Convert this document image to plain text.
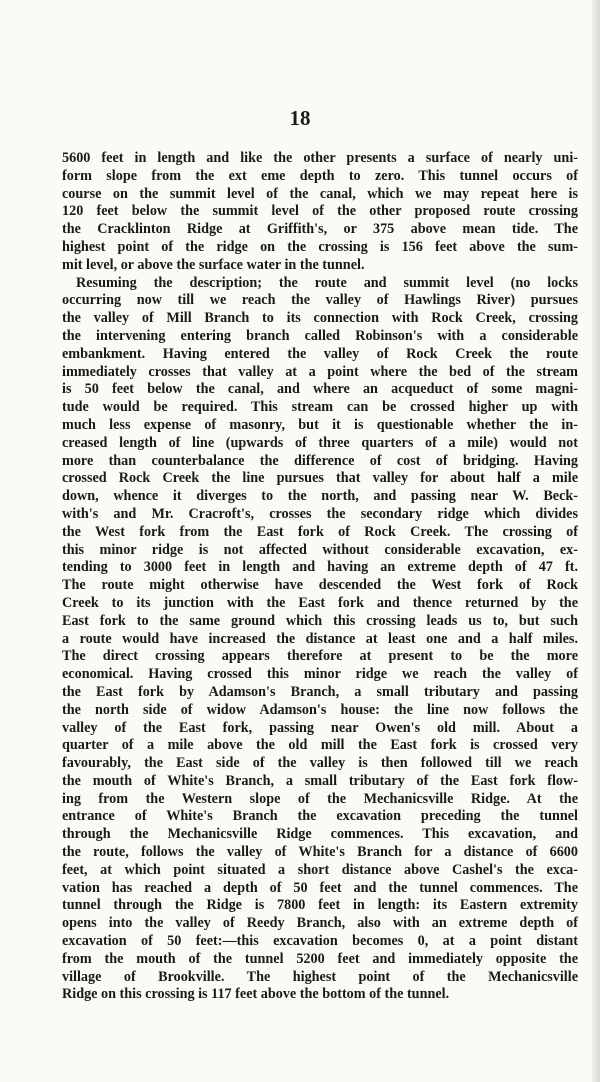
18

5600 feet in length and like the other presents a surface of nearly uni-
form slope from the ext eme depth to zero. This tunnel occurs of
course on the summit level of the canal, which we may repeat here is
120 feet below the summit level of the other proposed route crossing
the Cracklinton Ridge at Griffith's, or 375 above mean tide. The
highest point of the ridge on the crossing is 156 feet above the sum-
mit level, or above the surface water in the tunnel.
Resuming the description; the route and summit level (no locks
occurring now till we reach the valley of Hawlings River) pursues
the valley of Mill Branch to its connection with Rock Creek, crossing
the intervening entering branch called Robinson's with a considerable
embankment. Having entered the valley of Rock Creek the route
immediately crosses that valley at a point where the bed of the stream
is 50 feet below the canal, and where an acqueduct of some magni-
tude would be required. This stream can be crossed higher up with
much less expense of masonry, but it is questionable whether the in-
creased length of line (upwards of three quarters of a mile) would not
more than counterbalance the difference of cost of bridging. Having
crossed Rock Creek the line pursues that valley for about half a mile
down, whence it diverges to the north, and passing near W. Beck-
with's and Mr. Cracroft's, crosses the secondary ridge which divides
the West fork from the East fork of Rock Creek. The crossing of
this minor ridge is not affected without considerable excavation, ex-
tending to 3000 feet in length and having an extreme depth of 47 ft.
The route might otherwise have descended the West fork of Rock
Creek to its junction with the East fork and thence returned by the
East fork to the same ground which this crossing leads us to, but such
a route would have increased the distance at least one and a half miles.
The direct crossing appears therefore at present to be the more
economical. Having crossed this minor ridge we reach the valley of
the East fork by Adamson's Branch, a small tributary and passing
the north side of widow Adamson's house: the line now follows the
valley of the East fork, passing near Owen's old mill. About a
quarter of a mile above the old mill the East fork is crossed very
favourably, the East side of the valley is then followed till we reach
the mouth of White's Branch, a small tributary of the East fork flow-
ing from the Western slope of the Mechanicsville Ridge. At the
entrance of White's Branch the excavation preceding the tunnel
through the Mechanicsville Ridge commences. This excavation, and
the route, follows the valley of White's Branch for a distance of 6600
feet, at which point situated a short distance above Cashel's the exca-
vation has reached a depth of 50 feet and the tunnel commences. The
tunnel through the Ridge is 7800 feet in length: its Eastern extremity
opens into the valley of Reedy Branch, also with an extreme depth of
excavation of 50 feet:—this excavation becomes 0, at a point distant
from the mouth of the tunnel 5200 feet and immediately opposite the
village of Brookville. The highest point of the Mechanicsville
Ridge on this crossing is 117 feet above the bottom of the tunnel.
